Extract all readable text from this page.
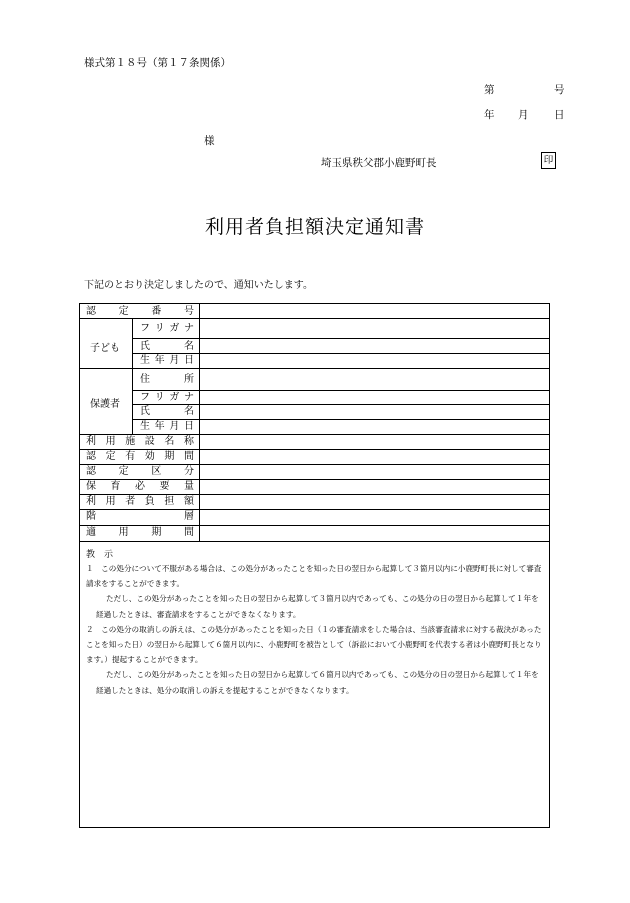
様式第１８号（第１７条関係）
第	号
年 月 日
様
埼玉県秩父郡小鹿野町長	印
利用者負担額決定通知書
下記のとおり決定しましたので、通知いたします。
認 定 番 号
子ども
フ リ ガ ナ
氏	名
生 年 月 日
保護者
住	所
フ リ ガ ナ
氏	名
生 年 月 日
利 用 施 設 名 称
認 定 有 効 期 間
認 定 区 分
保 育 必 要 量
利 用 者 負 担 額
階	層
適 用 期 間
教　示

１　この処分について不服がある場合は、この処分があったことを知った日の翌日から起算して３箇月以内に小鹿野町長に対して審査請求をすることができます。

ただし、この処分があったことを知った日の翌日から起算して３箇月以内であっても、この処分の日の翌日から起算して１年を経過したときは、審査請求をすることができなくなります。

２　この処分の取消しの訴えは、この処分があったことを知った日（１の審査請求をした場合は、当該審査請求に対する裁決があったことを知った日）の翌日から起算して６箇月以内に、小鹿野町を被告として（訴訟において小鹿野町を代表する者は小鹿野町長となります。）提起することができます。

ただし、この処分があったことを知った日の翌日から起算して６箇月以内であっても、この処分の日の翌日から起算して１年を経過したときは、処分の取消しの訴えを提起することができなくなります。
